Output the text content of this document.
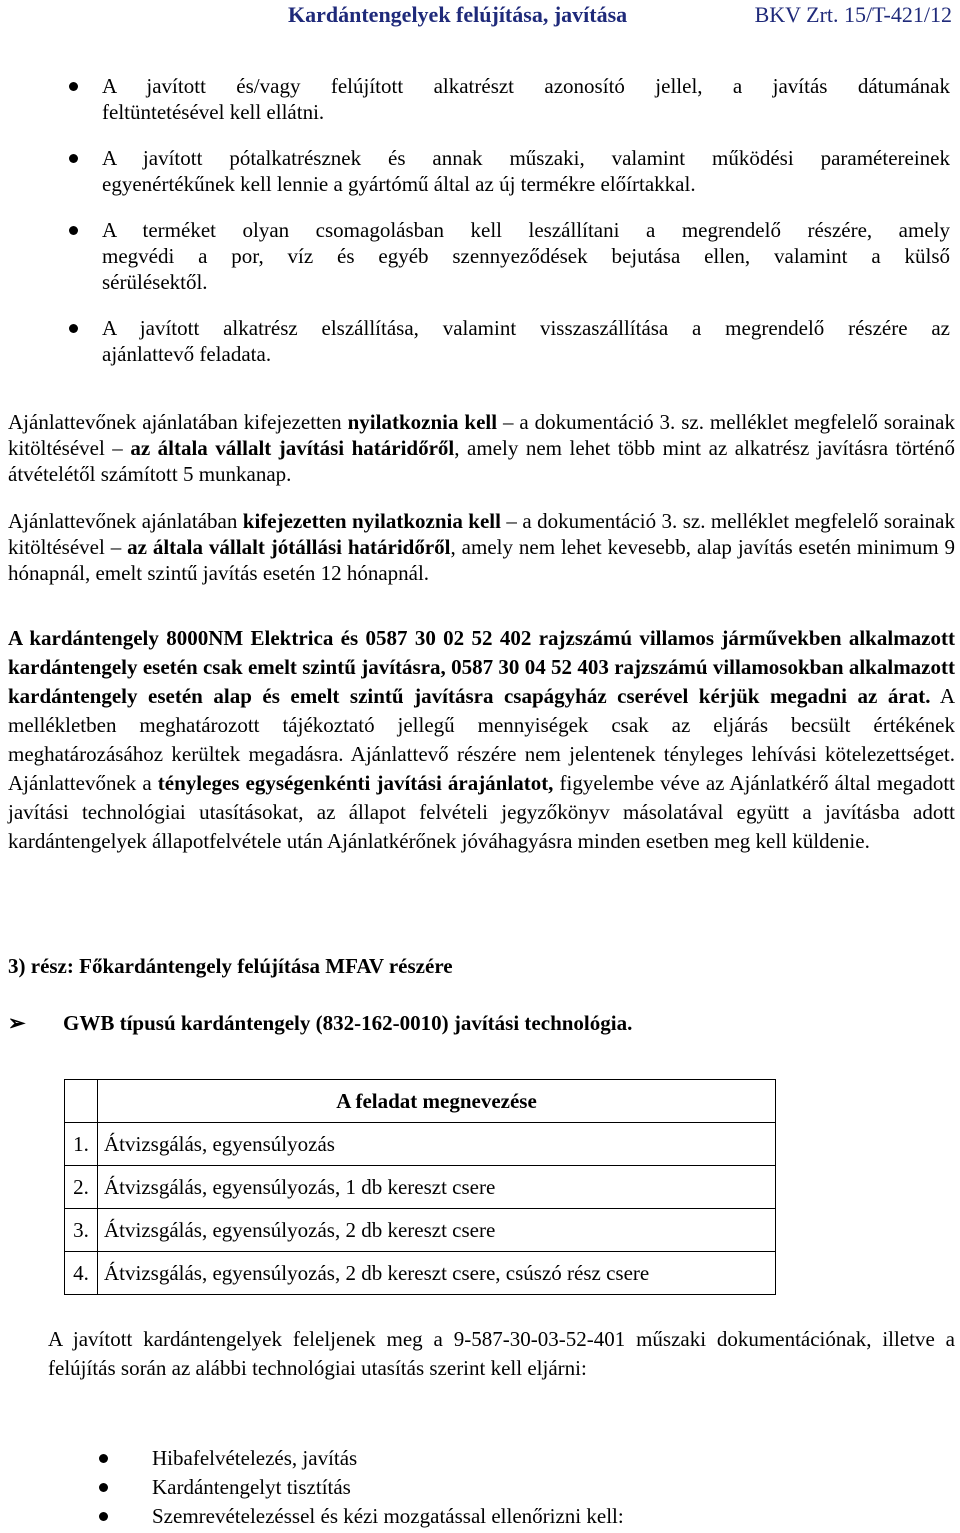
Kardántengelyek felújítása, javítása	BKV Zrt. 15/T-421/12

A javított és/vagy felújított alkatrészt azonosító jellel, a javítás dátumának

feltüntetésével kell ellátni.

A javított pótalkatrésznek és annak műszaki, valamint működési paramétereinek

egyenértékűnek kell lennie a gyártómű által az új termékre előírtakkal.

A terméket olyan csomagolásban kell leszállítani a megrendelő részére, amely

megvédi a por, víz és egyéb szennyeződések bejutása ellen, valamint a külső

sérülésektől.

A javított alkatrész elszállítása, valamint visszaszállítása a megrendelő részére az

ajánlattevő feladata.

Ajánlattevőnek ajánlatában kifejezetten nyilatkoznia kell – a dokumentáció 3. sz. melléklet megfelelő sorainak kitöltésével – az általa vállalt javítási határidőről, amely nem lehet több mint az alkatrész javításra történő átvételétől számított 5 munkanap.

Ajánlattevőnek ajánlatában kifejezetten nyilatkoznia kell – a dokumentáció 3. sz. melléklet megfelelő sorainak kitöltésével – az általa vállalt jótállási határidőről, amely nem lehet kevesebb, alap javítás esetén minimum 9 hónapnál, emelt szintű javítás esetén 12 hónapnál.

A kardántengely 8000NM Elektrica és 0587 30 02 52 402 rajzszámú villamos járművekben alkalmazott kardántengely esetén csak emelt szintű javításra, 0587 30 04 52 403 rajzszámú villamosokban alkalmazott kardántengely esetén alap és emelt szintű javításra csapágyház cserével kérjük megadni az árat. A mellékletben meghatározott tájékoztató jellegű mennyiségek csak az eljárás becsült értékének meghatározásához kerültek megadásra. Ajánlattevő részére nem jelentenek tényleges lehívási kötelezettséget. Ajánlattevőnek a tényleges egységenkénti javítási árajánlatot, figyelembe véve az Ajánlatkérő által megadott javítási technológiai utasításokat, az állapot felvételi jegyzőkönyv másolatával együtt a javításba adott kardántengelyek állapotfelvétele után Ajánlatkérőnek jóváhagyásra minden esetben meg kell küldenie.

3) rész: Főkardántengely felújítása MFAV részére
➢ GWB típusú kardántengely (832-162-0010) javítási technológia.
	A feladat megnevezése
1.	Átvizsgálás, egyensúlyozás
2.	Átvizsgálás, egyensúlyozás, 1 db kereszt csere
3.	Átvizsgálás, egyensúlyozás, 2 db kereszt csere
4.	Átvizsgálás, egyensúlyozás, 2 db kereszt csere, csúszó rész csere

A javított kardántengelyek feleljenek meg a 9-587-30-03-52-401 műszaki dokumentációnak, illetve a felújítás során az alábbi technológiai utasítás szerint kell eljárni:

Hibafelvételezés, javítás
Kardántengelyt tisztítás
Szemrevételezéssel és kézi mozgatással ellenőrizni kell:
